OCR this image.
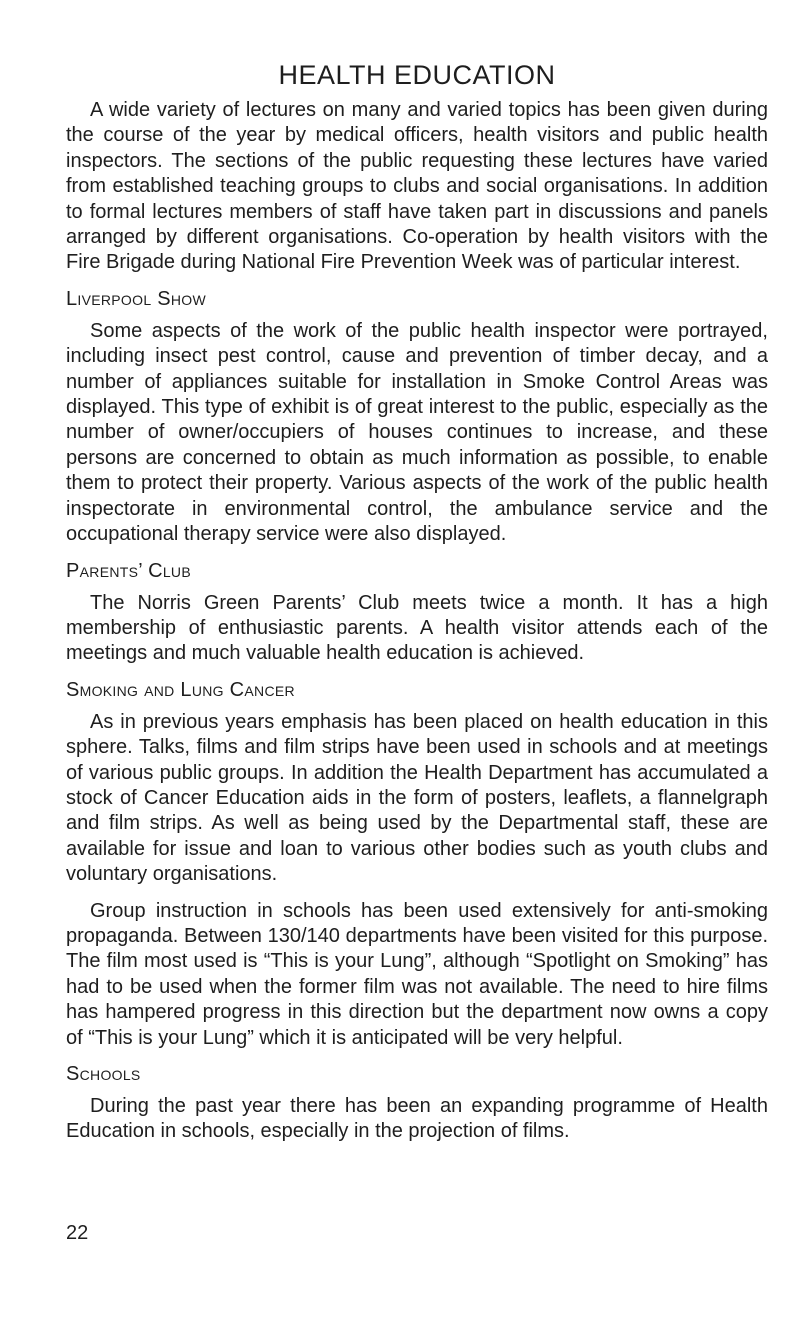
HEALTH EDUCATION

A wide variety of lectures on many and varied topics has been given during the course of the year by medical officers, health visitors and public health inspectors. The sections of the public requesting these lectures have varied from established teaching groups to clubs and social organisations. In addition to formal lectures members of staff have taken part in discussions and panels arranged by different organisations. Co-operation by health visitors with the Fire Brigade during National Fire Prevention Week was of particular interest.

Liverpool Show

Some aspects of the work of the public health inspector were portrayed, including insect pest control, cause and prevention of timber decay, and a number of appliances suitable for installation in Smoke Control Areas was displayed. This type of exhibit is of great interest to the public, especially as the number of owner/occupiers of houses continues to increase, and these persons are concerned to obtain as much information as possible, to enable them to protect their property. Various aspects of the work of the public health inspectorate in environmental control, the ambulance service and the occupational therapy service were also displayed.

Parents’ Club

The Norris Green Parents’ Club meets twice a month. It has a high membership of enthusiastic parents. A health visitor attends each of the meetings and much valuable health education is achieved.

Smoking and Lung Cancer

As in previous years emphasis has been placed on health education in this sphere. Talks, films and film strips have been used in schools and at meetings of various public groups. In addition the Health Department has accumulated a stock of Cancer Education aids in the form of posters, leaflets, a flannelgraph and film strips. As well as being used by the Departmental staff, these are available for issue and loan to various other bodies such as youth clubs and voluntary organisations.

Group instruction in schools has been used extensively for anti-smoking propaganda. Between 130/140 departments have been visited for this purpose. The film most used is “This is your Lung”, although “Spotlight on Smoking” has had to be used when the former film was not available. The need to hire films has hampered progress in this direction but the department now owns a copy of “This is your Lung” which it is anticipated will be very helpful.

Schools

During the past year there has been an expanding programme of Health Education in schools, especially in the projection of films.

22
